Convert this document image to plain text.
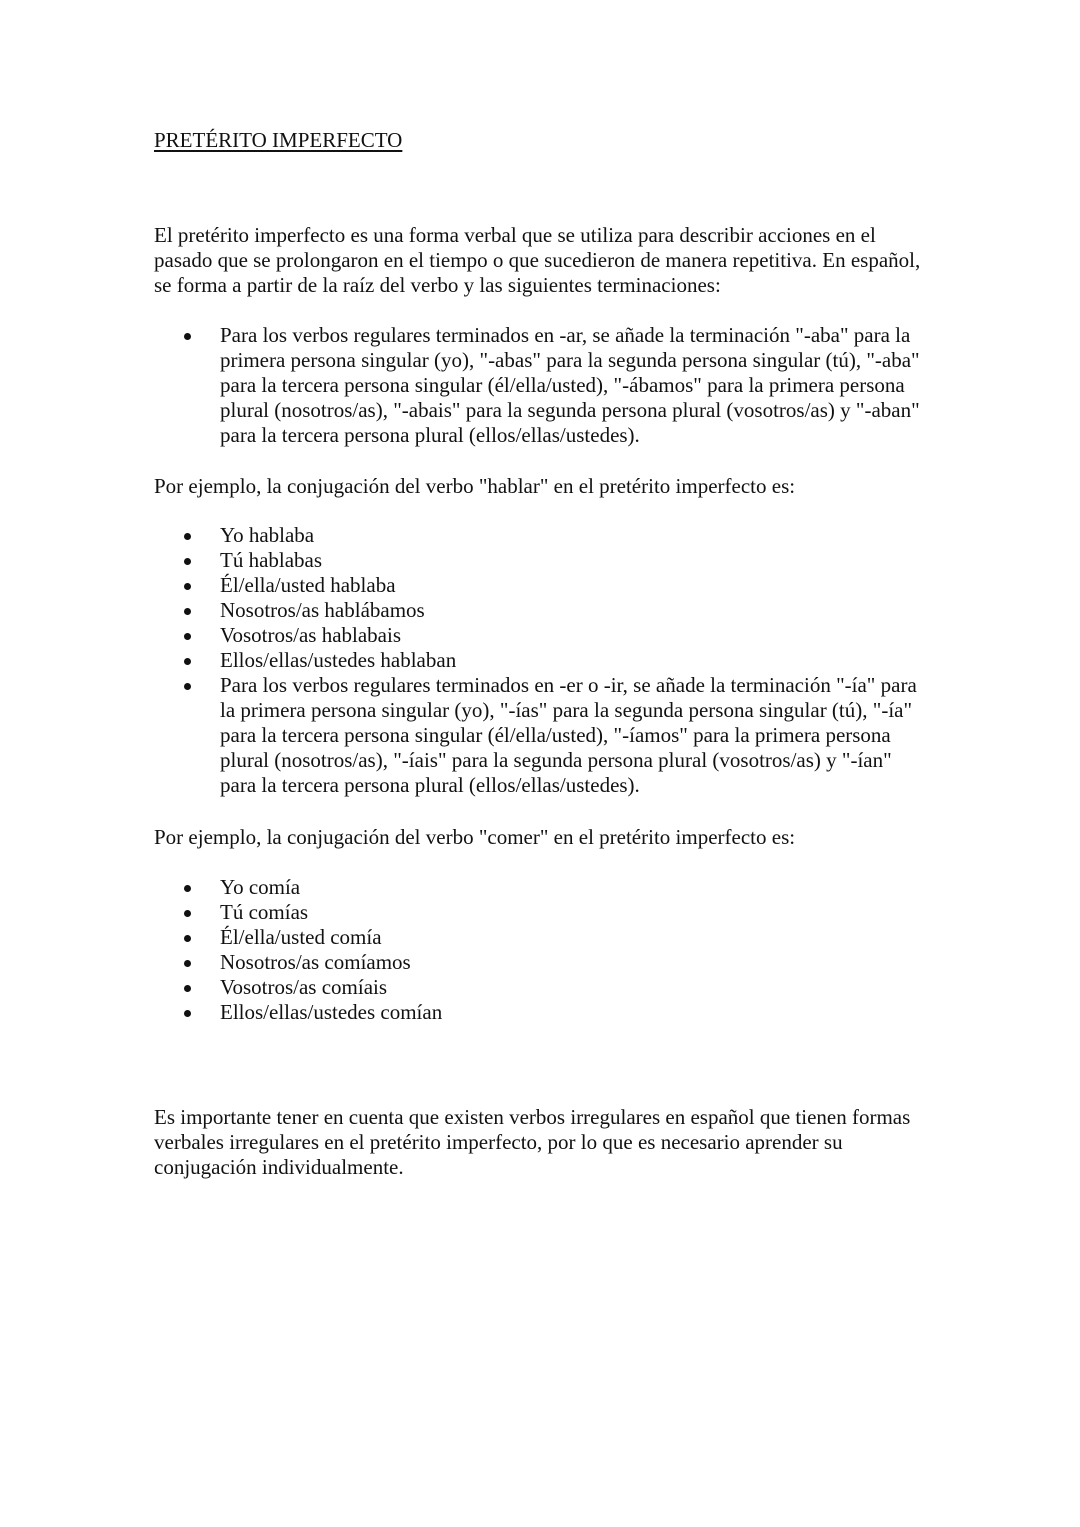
PRETÉRITO IMPERFECTO

El pretérito imperfecto es una forma verbal que se utiliza para describir acciones en el pasado que se prolongaron en el tiempo o que sucedieron de manera repetitiva. En español, se forma a partir de la raíz del verbo y las siguientes terminaciones:

Para los verbos regulares terminados en -ar, se añade la terminación "-aba" para la primera persona singular (yo), "-abas" para la segunda persona singular (tú), "-aba" para la tercera persona singular (él/ella/usted), "-ábamos" para la primera persona plural (nosotros/as), "-abais" para la segunda persona plural (vosotros/as) y "-aban" para la tercera persona plural (ellos/ellas/ustedes).

Por ejemplo, la conjugación del verbo "hablar" en el pretérito imperfecto es:

Yo hablaba
Tú hablabas
Él/ella/usted hablaba
Nosotros/as hablábamos
Vosotros/as hablabais
Ellos/ellas/ustedes hablaban
Para los verbos regulares terminados en -er o -ir, se añade la terminación "-ía" para la primera persona singular (yo), "-ías" para la segunda persona singular (tú), "-ía" para la tercera persona singular (él/ella/usted), "-íamos" para la primera persona plural (nosotros/as), "-íais" para la segunda persona plural (vosotros/as) y "-ían" para la tercera persona plural (ellos/ellas/ustedes).

Por ejemplo, la conjugación del verbo "comer" en el pretérito imperfecto es:

Yo comía
Tú comías
Él/ella/usted comía
Nosotros/as comíamos
Vosotros/as comíais
Ellos/ellas/ustedes comían

Es importante tener en cuenta que existen verbos irregulares en español que tienen formas verbales irregulares en el pretérito imperfecto, por lo que es necesario aprender su conjugación individualmente.
